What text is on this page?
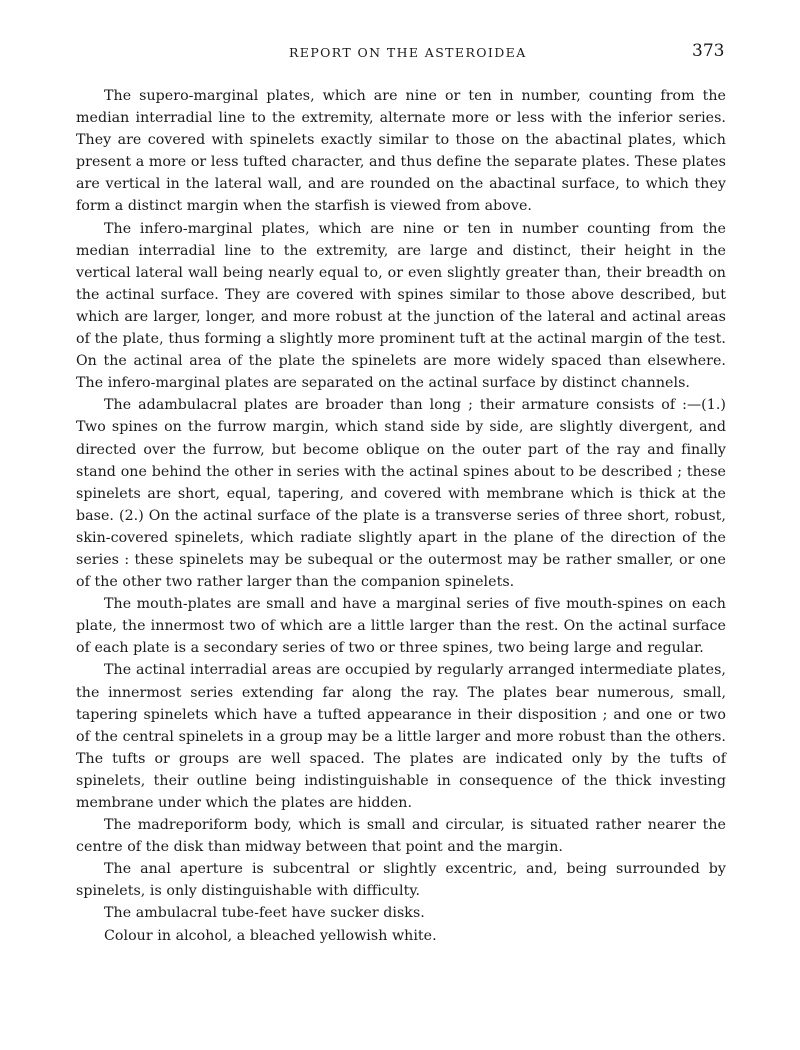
REPORT ON THE ASTEROIDEA	373

The supero-marginal plates, which are nine or ten in number, counting from the median interradial line to the extremity, alternate more or less with the inferior series. They are covered with spinelets exactly similar to those on the abactinal plates, which present a more or less tufted character, and thus define the separate plates. These plates are vertical in the lateral wall, and are rounded on the abactinal surface, to which they form a distinct margin when the starfish is viewed from above.

The infero-marginal plates, which are nine or ten in number counting from the median interradial line to the extremity, are large and distinct, their height in the vertical lateral wall being nearly equal to, or even slightly greater than, their breadth on the actinal surface. They are covered with spines similar to those above described, but which are larger, longer, and more robust at the junction of the lateral and actinal areas of the plate, thus forming a slightly more prominent tuft at the actinal margin of the test. On the actinal area of the plate the spinelets are more widely spaced than elsewhere. The infero-marginal plates are separated on the actinal surface by distinct channels.

The adambulacral plates are broader than long ; their armature consists of :—(1.) Two spines on the furrow margin, which stand side by side, are slightly divergent, and directed over the furrow, but become oblique on the outer part of the ray and finally stand one behind the other in series with the actinal spines about to be described ; these spinelets are short, equal, tapering, and covered with membrane which is thick at the base. (2.) On the actinal surface of the plate is a transverse series of three short, robust, skin-covered spinelets, which radiate slightly apart in the plane of the direction of the series : these spinelets may be subequal or the outermost may be rather smaller, or one of the other two rather larger than the companion spinelets.

The mouth-plates are small and have a marginal series of five mouth-spines on each plate, the innermost two of which are a little larger than the rest. On the actinal surface of each plate is a secondary series of two or three spines, two being large and regular.

The actinal interradial areas are occupied by regularly arranged intermediate plates, the innermost series extending far along the ray. The plates bear numerous, small, tapering spinelets which have a tufted appearance in their disposition ; and one or two of the central spinelets in a group may be a little larger and more robust than the others. The tufts or groups are well spaced. The plates are indicated only by the tufts of spinelets, their outline being indistinguishable in consequence of the thick investing membrane under which the plates are hidden.

The madreporiform body, which is small and circular, is situated rather nearer the centre of the disk than midway between that point and the margin.

The anal aperture is subcentral or slightly excentric, and, being surrounded by spinelets, is only distinguishable with difficulty.

The ambulacral tube-feet have sucker disks.

Colour in alcohol, a bleached yellowish white.
